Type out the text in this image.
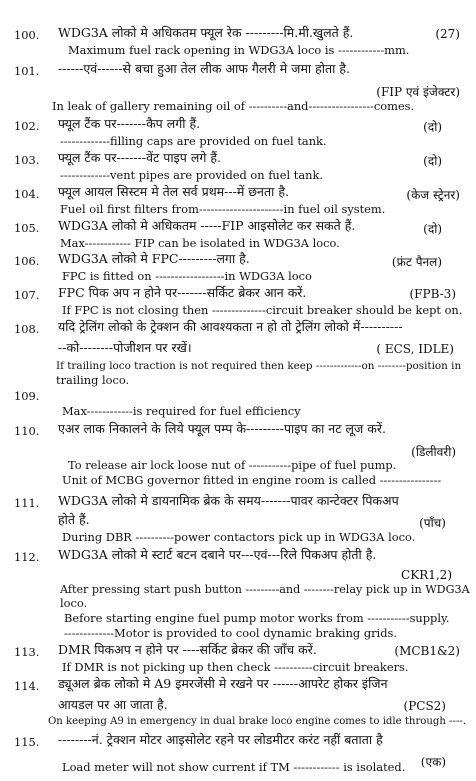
100. WDG3A लोको मे अधिकतम फ्यूल रेक ---------मि.मी.खुलते हैं.	(27)
Maximum fuel rack opening in WDG3A loco is ------------mm.
101. ------एवं------से बचा हुआ तेल लीक आफ गैलरी मे जमा होता है.
(FIP एवं इंजेक्टर)
In leak of gallery remaining oil of ----------and-----------------comes.
102. फ्यूल टैंक पर-------कैप लगी हैं.	(दो)
-------------filling caps are provided on fuel tank.
103. फ्यूल टैंक पर-------वेंट पाइप लगे हैं.	(दो)
-------------vent pipes are provided on fuel tank.
104. फ्यूल आयल सिस्टम मे तेल सर्व प्रथम---में छनता है.	(केज स्ट्रेनर)
Fuel oil first filters from----------------------in fuel oil system.
105. WDG3A लोको मे अधिकतम -----FIP आइसोलेट कर सकते हैं.	(दो)
Max------------ FIP can be isolated in WDG3A loco.
106. WDG3A लोको मे FPC---------लगा है.	(फ्रंट पैनल)
FPC is fitted on ------------------in WDG3A loco
107. FPC पिक अप न होने पर-------सर्किट ब्रेकर आन करें.	(FPB-3)
If FPC is not closing then --------------circuit breaker should be kept on.
108. यदि ट्रेलिंग लोको के ट्रेक्शन की आवश्यकता न हो तो ट्रेलिंग लोको में----------
--को--------पोजीशन पर रखें।	( ECS, IDLE)
If trailing loco traction is not required then keep -------------on --------position in
trailing loco.
109.
Max------------is required for fuel efficiency
110. एअर लाक निकालने के लिये फ्यूल पम्प के---------पाइप का नट लूज करें.
(डिलीवरी)
To release air lock loose nut of -----------pipe of fuel pump.
Unit of MCBG governor fitted in engine room is called ----------------
111. WDG3A लोको मे डायनामिक ब्रेक के समय-------पावर कान्टेक्टर पिकअप
होते हैं.	(पाँच)
During DBR ----------power contactors pick up in WDG3A loco.
112. WDG3A लोको मे स्टार्ट बटन दबाने पर---एवं---रिले पिकअप होती है.
CKR1,2)
After pressing start push button ---------and --------relay pick up in WDG3A
loco.
Before starting engine fuel pump motor works from -----------supply.
-------------Motor is provided to cool dynamic braking grids.
113. DMR पिकअप न होने पर ----सर्किट ब्रेकर की जाँच करें.	(MCB1&2)
If DMR is not picking up then check ----------circuit breakers.
114. ड्यूअल ब्रेक लोको मे A9 इमरजेंसी मे रखने पर ------आपरेट होकर इंजिन
आयडल पर आ जाता है.	(PCS2)
On keeping A9 in emergency in dual brake loco engine comes to idle through ----.
115. --------नं. ट्रेक्शन मोटर आइसोलेट रहने पर लोडमीटर करंट नहीं बताता है
(एक)
Load meter will not show current if TM ------------ is isolated.
